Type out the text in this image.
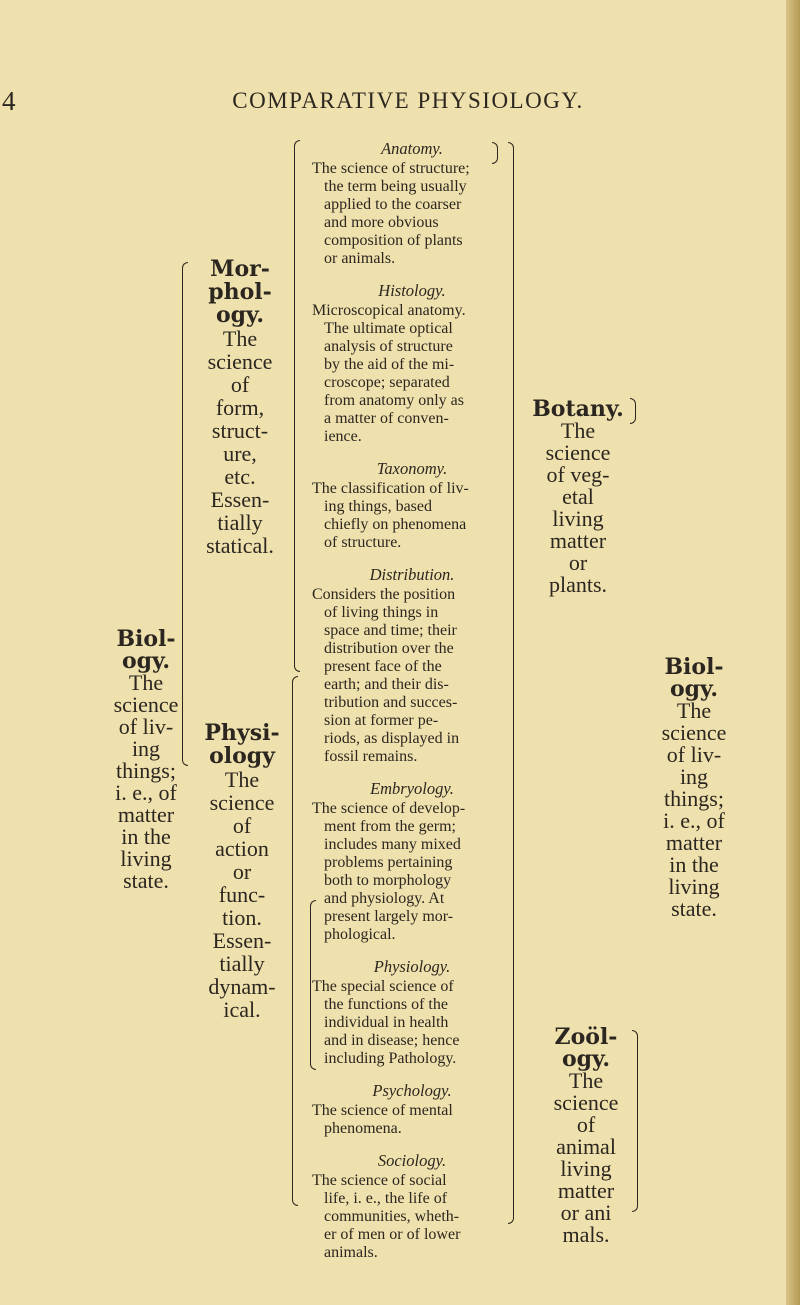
4	COMPARATIVE PHYSIOLOGY.
Biol-
ogy.
The
science
of liv-
ing
things;
i. e., of
matter
in the
living
state.
Mor-
phol-
ogy.
The
science
of
form,
struct-
ure,
etc.
Essen-
tially
statical.
Physi-
ology
The
science
of
action
or
func-
tion.
Essen-
tially
dynam-
ical.
Anatomy.
The science of structure;
the term being usually
applied to the coarser
and more obvious
composition of plants
or animals.
Histology.
Microscopical anatomy.
The ultimate optical
analysis of structure
by the aid of the mi-
croscope; separated
from anatomy only as
a matter of conven-
ience.
Taxonomy.
The classification of liv-
ing things, based
chiefly on phenomena
of structure.
Distribution.
Considers the position
of living things in
space and time; their
distribution over the
present face of the
earth; and their dis-
tribution and succes-
sion at former pe-
riods, as displayed in
fossil remains.
Embryology.
The science of develop-
ment from the germ;
includes many mixed
problems pertaining
both to morphology
and physiology. At
present largely mor-
phological.
Physiology.
The special science of
the functions of the
individual in health
and in disease; hence
including Pathology.
Psychology.
The science of mental
phenomena.
Sociology.
The science of social
life, i. e., the life of
communities, wheth-
er of men or of lower
animals.
Botany.
The
science
of veg-
etal
living
matter
or
plants.
Zoöl-
ogy.
The
science
of
animal
living
matter
or ani
mals.
Biol-
ogy.
The
science
of liv-
ing
things;
i. e., of
matter
in the
living
state.
